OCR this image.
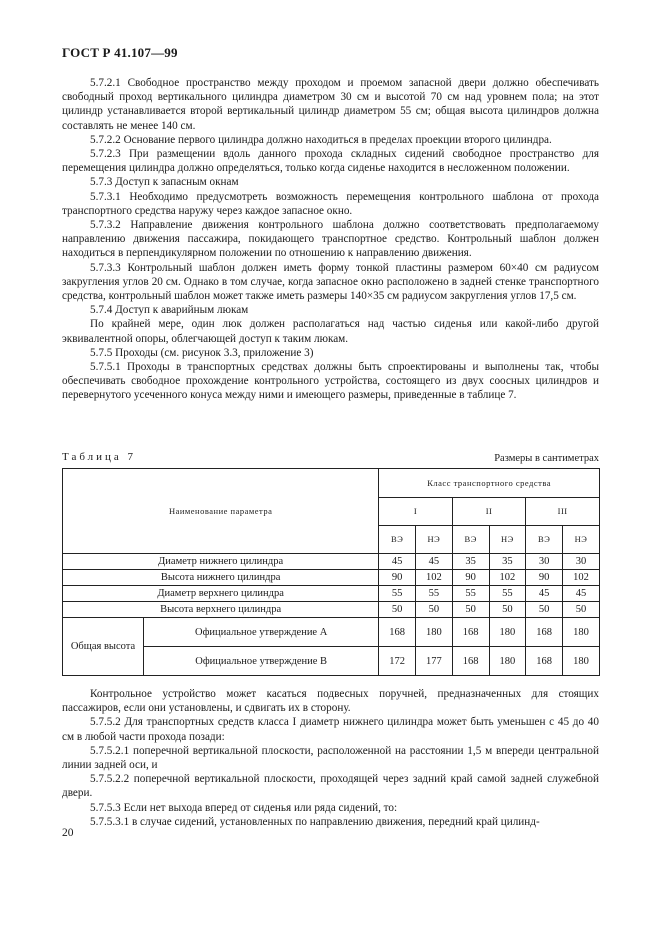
ГОСТ Р 41.107—99

5.7.2.1 Свободное пространство между проходом и проемом запасной двери должно обеспечивать свободный проход вертикального цилиндра диаметром 30 см и высотой 70 см над уровнем пола; на этот цилиндр устанавливается второй вертикальный цилиндр диаметром 55 см; общая высота цилиндров должна составлять не менее 140 см.

5.7.2.2 Основание первого цилиндра должно находиться в пределах проекции второго цилиндра.

5.7.2.3 При размещении вдоль данного прохода складных сидений свободное пространство для перемещения цилиндра должно определяться, только когда сиденье находится в несложенном положении.

5.7.3 Доступ к запасным окнам

5.7.3.1 Необходимо предусмотреть возможность перемещения контрольного шаблона от прохода транспортного средства наружу через каждое запасное окно.

5.7.3.2 Направление движения контрольного шаблона должно соответствовать предполагаемому направлению движения пассажира, покидающего транспортное средство. Контрольный шаблон должен находиться в перпендикулярном положении по отношению к направлению движения.

5.7.3.3 Контрольный шаблон должен иметь форму тонкой пластины размером 60×40 см радиусом закругления углов 20 см. Однако в том случае, когда запасное окно расположено в задней стенке транспортного средства, контрольный шаблон может также иметь размеры 140×35 см радиусом закругления углов 17,5 см.

5.7.4 Доступ к аварийным люкам

По крайней мере, один люк должен располагаться над частью сиденья или какой-либо другой эквивалентной опоры, облегчающей доступ к таким люкам.

5.7.5 Проходы (см. рисунок 3.3, приложение 3)

5.7.5.1 Проходы в транспортных средствах должны быть спроектированы и выполнены так, чтобы обеспечивать свободное прохождение контрольного устройства, состоящего из двух соосных цилиндров и перевернутого усеченного конуса между ними и имеющего размеры, приведенные в таблице 7.

Таблица 7	Размеры в сантиметрах
Наименование параметра		Класс транспортного средства					
		I		II		III	
		ВЭ	НЭ	ВЭ	НЭ	ВЭ	НЭ
Диаметр нижнего цилиндра		45	45	35	35	30	30
Высота нижнего цилиндра		90	102	90	102	90	102
Диаметр верхнего цилиндра		55	55	55	55	45	45
Высота верхнего цилиндра		50	50	50	50	50	50
Общая высота	Официальное утверждение А	168	180	168	180	168	180
	Официальное утверждение В	172	177	168	180	168	180

Контрольное устройство может касаться подвесных поручней, предназначенных для стоящих пассажиров, если они установлены, и сдвигать их в сторону.

5.7.5.2 Для транспортных средств класса I диаметр нижнего цилиндра может быть уменьшен с 45 до 40 см в любой части прохода позади:

5.7.5.2.1 поперечной вертикальной плоскости, расположенной на расстоянии 1,5 м впереди центральной линии задней оси, и

5.7.5.2.2 поперечной вертикальной плоскости, проходящей через задний край самой задней служебной двери.

5.7.5.3 Если нет выхода вперед от сиденья или ряда сидений, то:

5.7.5.3.1 в случае сидений, установленных по направлению движения, передний край цилинд-

20
